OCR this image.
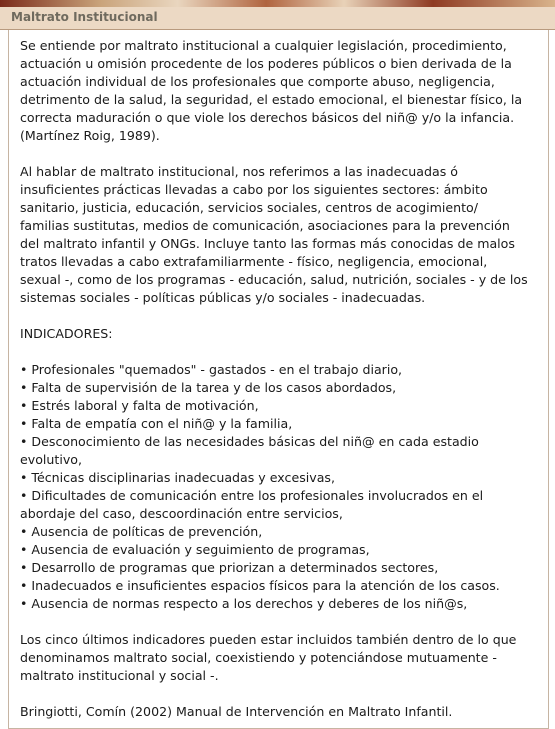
Maltrato Institucional
Se entiende por maltrato institucional a cualquier legislación, procedimiento,
actuación u omisión procedente de los poderes públicos o bien derivada de la
actuación individual de los profesionales que comporte abuso, negligencia,
detrimento de la salud, la seguridad, el estado emocional, el bienestar físico, la
correcta maduración o que viole los derechos básicos del niñ@ y/o la infancia.
(Martínez Roig, 1989).
Al hablar de maltrato institucional, nos referimos a las inadecuadas ó
insuficientes prácticas llevadas a cabo por los siguientes sectores: ámbito
sanitario, justicia, educación, servicios sociales, centros de acogimiento/
familias sustitutas, medios de comunicación, asociaciones para la prevención
del maltrato infantil y ONGs. Incluye tanto las formas más conocidas de malos
tratos llevadas a cabo extrafamiliarmente - físico, negligencia, emocional,
sexual -, como de los programas - educación, salud, nutrición, sociales - y de los
sistemas sociales - políticas públicas y/o sociales - inadecuadas.
INDICADORES:
• Profesionales "quemados" - gastados - en el trabajo diario,
• Falta de supervisión de la tarea y de los casos abordados,
• Estrés laboral y falta de motivación,
• Falta de empatía con el niñ@ y la familia,
• Desconocimiento de las necesidades básicas del niñ@ en cada estadio
evolutivo,
• Técnicas disciplinarias inadecuadas y excesivas,
• Dificultades de comunicación entre los profesionales involucrados en el
abordaje del caso, descoordinación entre servicios,
• Ausencia de políticas de prevención,
• Ausencia de evaluación y seguimiento de programas,
• Desarrollo de programas que priorizan a determinados sectores,
• Inadecuados e insuficientes espacios físicos para la atención de los casos.
• Ausencia de normas respecto a los derechos y deberes de los niñ@s,
Los cinco últimos indicadores pueden estar incluidos también dentro de lo que
denominamos maltrato social, coexistiendo y potenciándose mutuamente -
maltrato institucional y social -.
Bringiotti, Comín (2002) Manual de Intervención en Maltrato Infantil.
